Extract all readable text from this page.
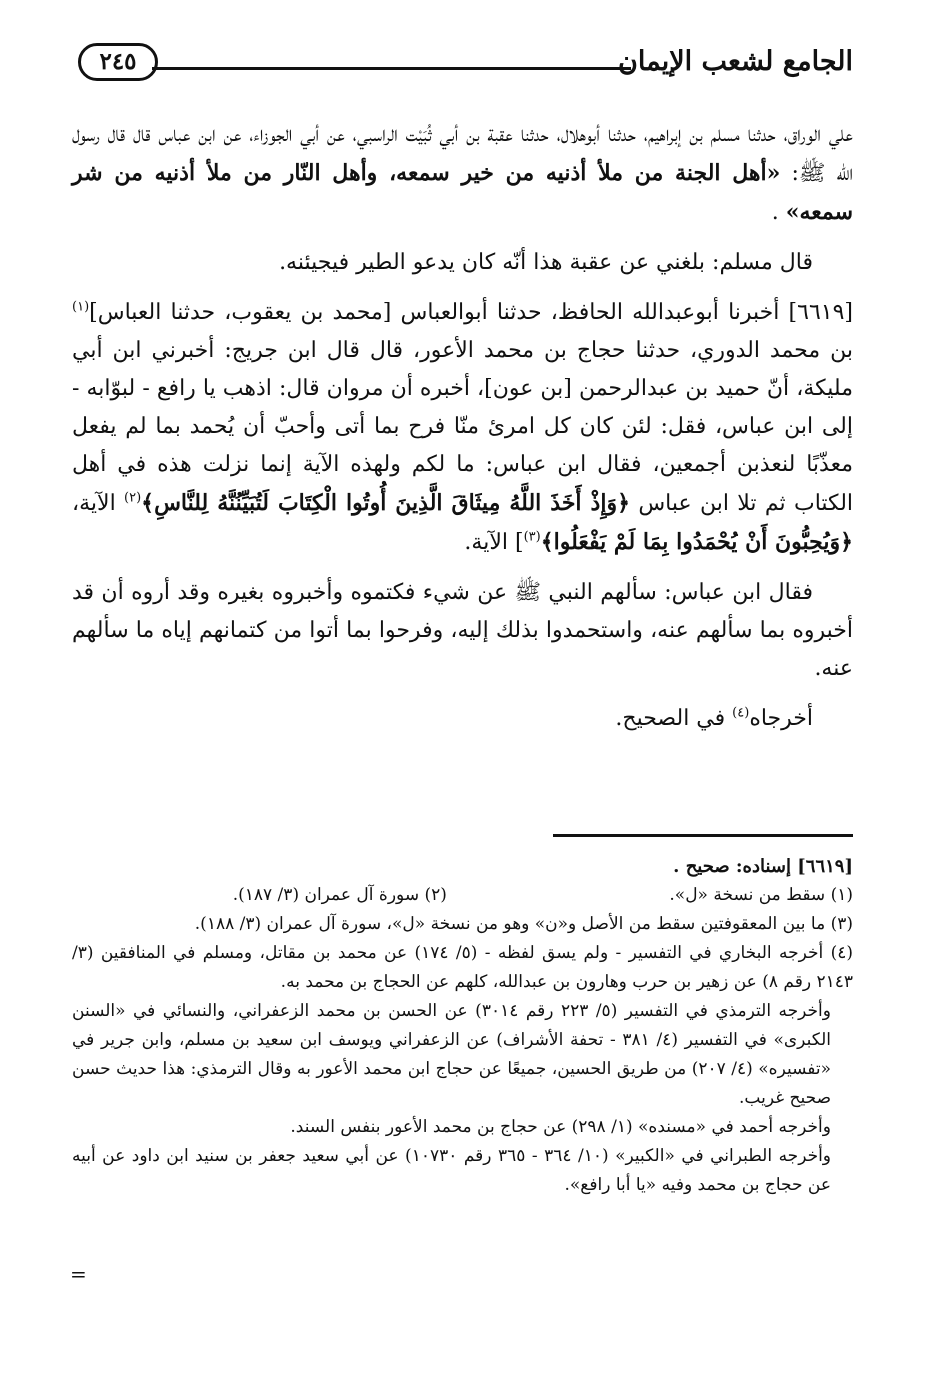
الجامع لشعب الإيمان
٢٤٥

علي الوراق، حدثنا مسلم بن إبراهيم، حدثنا أبوهلال، حدثنا عقبة بن أبي ثُبَيْت الراسبي، عن أبي الجوزاء، عن ابن عباس قال قال رسول الله ﷺ: «أهل الجنة من ملأ أذنيه من خير سمعه، وأهل النّار من ملأ أذنيه من شر سمعه» .

قال مسلم: بلغني عن عقبة هذا أنّه كان يدعو الطير فيجيئنه.

[٦٦١٩] أخبرنا أبوعبدالله الحافظ، حدثنا أبوالعباس [محمد بن يعقوب، حدثنا العباس]$^{(١)}$ بن محمد الدوري، حدثنا حجاج بن محمد الأعور، قال قال ابن جريج: أخبرني ابن أبي مليكة، أنّ حميد بن عبدالرحمن [بن عون]، أخبره أن مروان قال: اذهب يا رافع - لبوّابه - إلى ابن عباس، فقل: لئن كان كل امرئ منّا فرح بما أتى وأحبّ أن يُحمد بما لم يفعل معذّبًا لنعذبن أجمعين، فقال ابن عباس: ما لكم ولهذه الآية إنما نزلت هذه في أهل الكتاب ثم تلا ابن عباس ﴿وَإِذْ أَخَذَ اللَّهُ مِيثَاقَ الَّذِينَ أُوتُوا الْكِتَابَ لَتُبَيِّنُنَّهُ لِلنَّاسِ﴾$^{(٢)}$ الآية، ﴿وَيُحِبُّونَ أَنْ يُحْمَدُوا بِمَا لَمْ يَفْعَلُوا﴾$^{(٣)}$] الآية.

فقال ابن عباس: سألهم النبي ﷺ عن شيء فكتموه وأخبروه بغيره وقد أروه أن قد أخبروه بما سألهم عنه، واستحمدوا بذلك إليه، وفرحوا بما أتوا من كتمانهم إياه ما سألهم عنه.

أخرجاه$^{(٤)}$ في الصحيح.

[٦٦١٩] إسناده: صحيح .

(١) سقط من نسخة «ل».
(٢) سورة آل عمران (٣/ ١٨٧).

(٣) ما بين المعقوفتين سقط من الأصل و«ن» وهو من نسخة «ل»، سورة آل عمران (٣/ ١٨٨).

(٤) أخرجه البخاري في التفسير - ولم يسق لفظه - (٥/ ١٧٤) عن محمد بن مقاتل، ومسلم في المنافقين (٣/ ٢١٤٣ رقم ٨) عن زهير بن حرب وهارون بن عبدالله، كلهم عن الحجاج بن محمد به.

وأخرجه الترمذي في التفسير (٥/ ٢٢٣ رقم ٣٠١٤) عن الحسن بن محمد الزعفراني، والنسائي في «السنن الكبرى» في التفسير (٤/ ٣٨١ - تحفة الأشراف) عن الزعفراني ويوسف ابن سعيد بن مسلم، وابن جرير في «تفسيره» (٤/ ٢٠٧) من طريق الحسين، جميعًا عن حجاج ابن محمد الأعور به وقال الترمذي: هذا حديث حسن صحيح غريب.

وأخرجه أحمد في «مسنده» (١/ ٢٩٨) عن حجاج بن محمد الأعور بنفس السند.

وأخرجه الطبراني في «الكبير» (١٠/ ٣٦٤ - ٣٦٥ رقم ١٠٧٣٠) عن أبي سعيد جعفر بن سنيد ابن داود عن أبيه عن حجاج بن محمد وفيه «يا أبا رافع».

=
